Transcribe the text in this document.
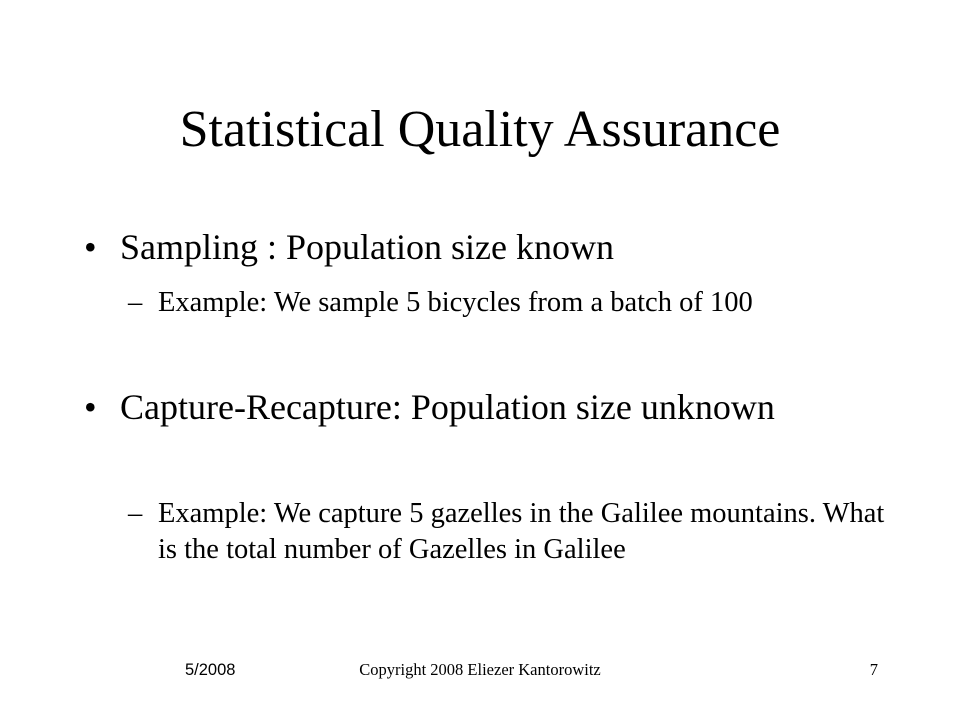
Statistical Quality Assurance
• Sampling : Population size known
– Example: We sample 5 bicycles from a batch of 100
• Capture-Recapture: Population size unknown
– Example: We capture 5 gazelles in the Galilee mountains. What is the total number of Gazelles in Galilee
5/2008	Copyright 2008 Eliezer Kantorowitz	7
